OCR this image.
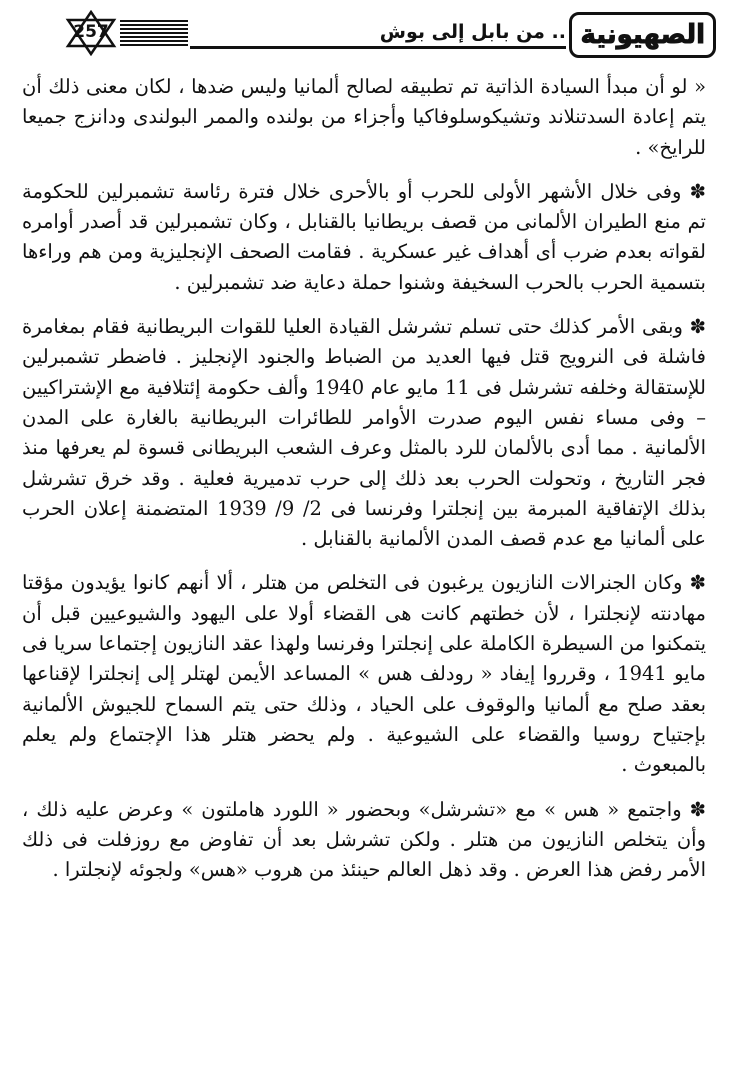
الصهيونية
.. من بابل إلى بوش
257

« لو أن مبدأ السيادة الذاتية تم تطبيقه لصالح ألمانيا وليس ضدها ، لكان معنى ذلك أن يتم إعادة السدتنلاند وتشيكوسلوفاكيا وأجزاء من بولنده والممر البولندى ودانزج جميعا للرايخ» .

✽ وفى خلال الأشهر الأولى للحرب أو بالأحرى خلال فترة رئاسة تشمبرلين للحكومة تم منع الطيران الألمانى من قصف بريطانيا بالقنابل ، وكان تشمبرلين قد أصدر أوامره لقواته بعدم ضرب أى أهداف غير عسكرية . فقامت الصحف الإنجليزية ومن هم وراءها بتسمية الحرب بالحرب السخيفة وشنوا حملة دعاية ضد تشمبرلين .

✽ وبقى الأمر كذلك حتى تسلم تشرشل القيادة العليا للقوات البريطانية فقام بمغامرة فاشلة فى النرويج قتل فيها العديد من الضباط والجنود الإنجليز . فاضطر تشمبرلين للإستقالة وخلفه تشرشل فى 11 مايو عام 1940 وألف حكومة إئتلافية مع الإشتراكيين – وفى مساء نفس اليوم صدرت الأوامر للطائرات البريطانية بالغارة على المدن الألمانية . مما أدى بالألمان للرد بالمثل وعرف الشعب البريطانى قسوة لم يعرفها منذ فجر التاريخ ، وتحولت الحرب بعد ذلك إلى حرب تدميرية فعلية . وقد خرق تشرشل بذلك الإتفاقية المبرمة بين إنجلترا وفرنسا فى 2/ 9/ 1939 المتضمنة إعلان الحرب على ألمانيا مع عدم قصف المدن الألمانية بالقنابل .

✽ وكان الجنرالات النازيون يرغبون فى التخلص من هتلر ، ألا أنهم كانوا يؤيدون مؤقتا مهادنته لإنجلترا ، لأن خطتهم كانت هى القضاء أولا على اليهود والشيوعيين قبل أن يتمكنوا من السيطرة الكاملة على إنجلترا وفرنسا ولهذا عقد النازيون إجتماعا سريا فى مايو 1941 ، وقرروا إيفاد « رودلف هس » المساعد الأيمن لهتلر إلى إنجلترا لإقناعها بعقد صلح مع ألمانيا والوقوف على الحياد ، وذلك حتى يتم السماح للجيوش الألمانية بإجتياح روسيا والقضاء على الشيوعية . ولم يحضر هتلر هذا الإجتماع ولم يعلم بالمبعوث .

✽ واجتمع « هس » مع «تشرشل» وبحضور « اللورد هاملتون » وعرض عليه ذلك ، وأن يتخلص النازيون من هتلر . ولكن تشرشل بعد أن تفاوض مع روزفلت فى ذلك الأمر رفض هذا العرض . وقد ذهل العالم حينئذ من هروب «هس» ولجوئه لإنجلترا .
